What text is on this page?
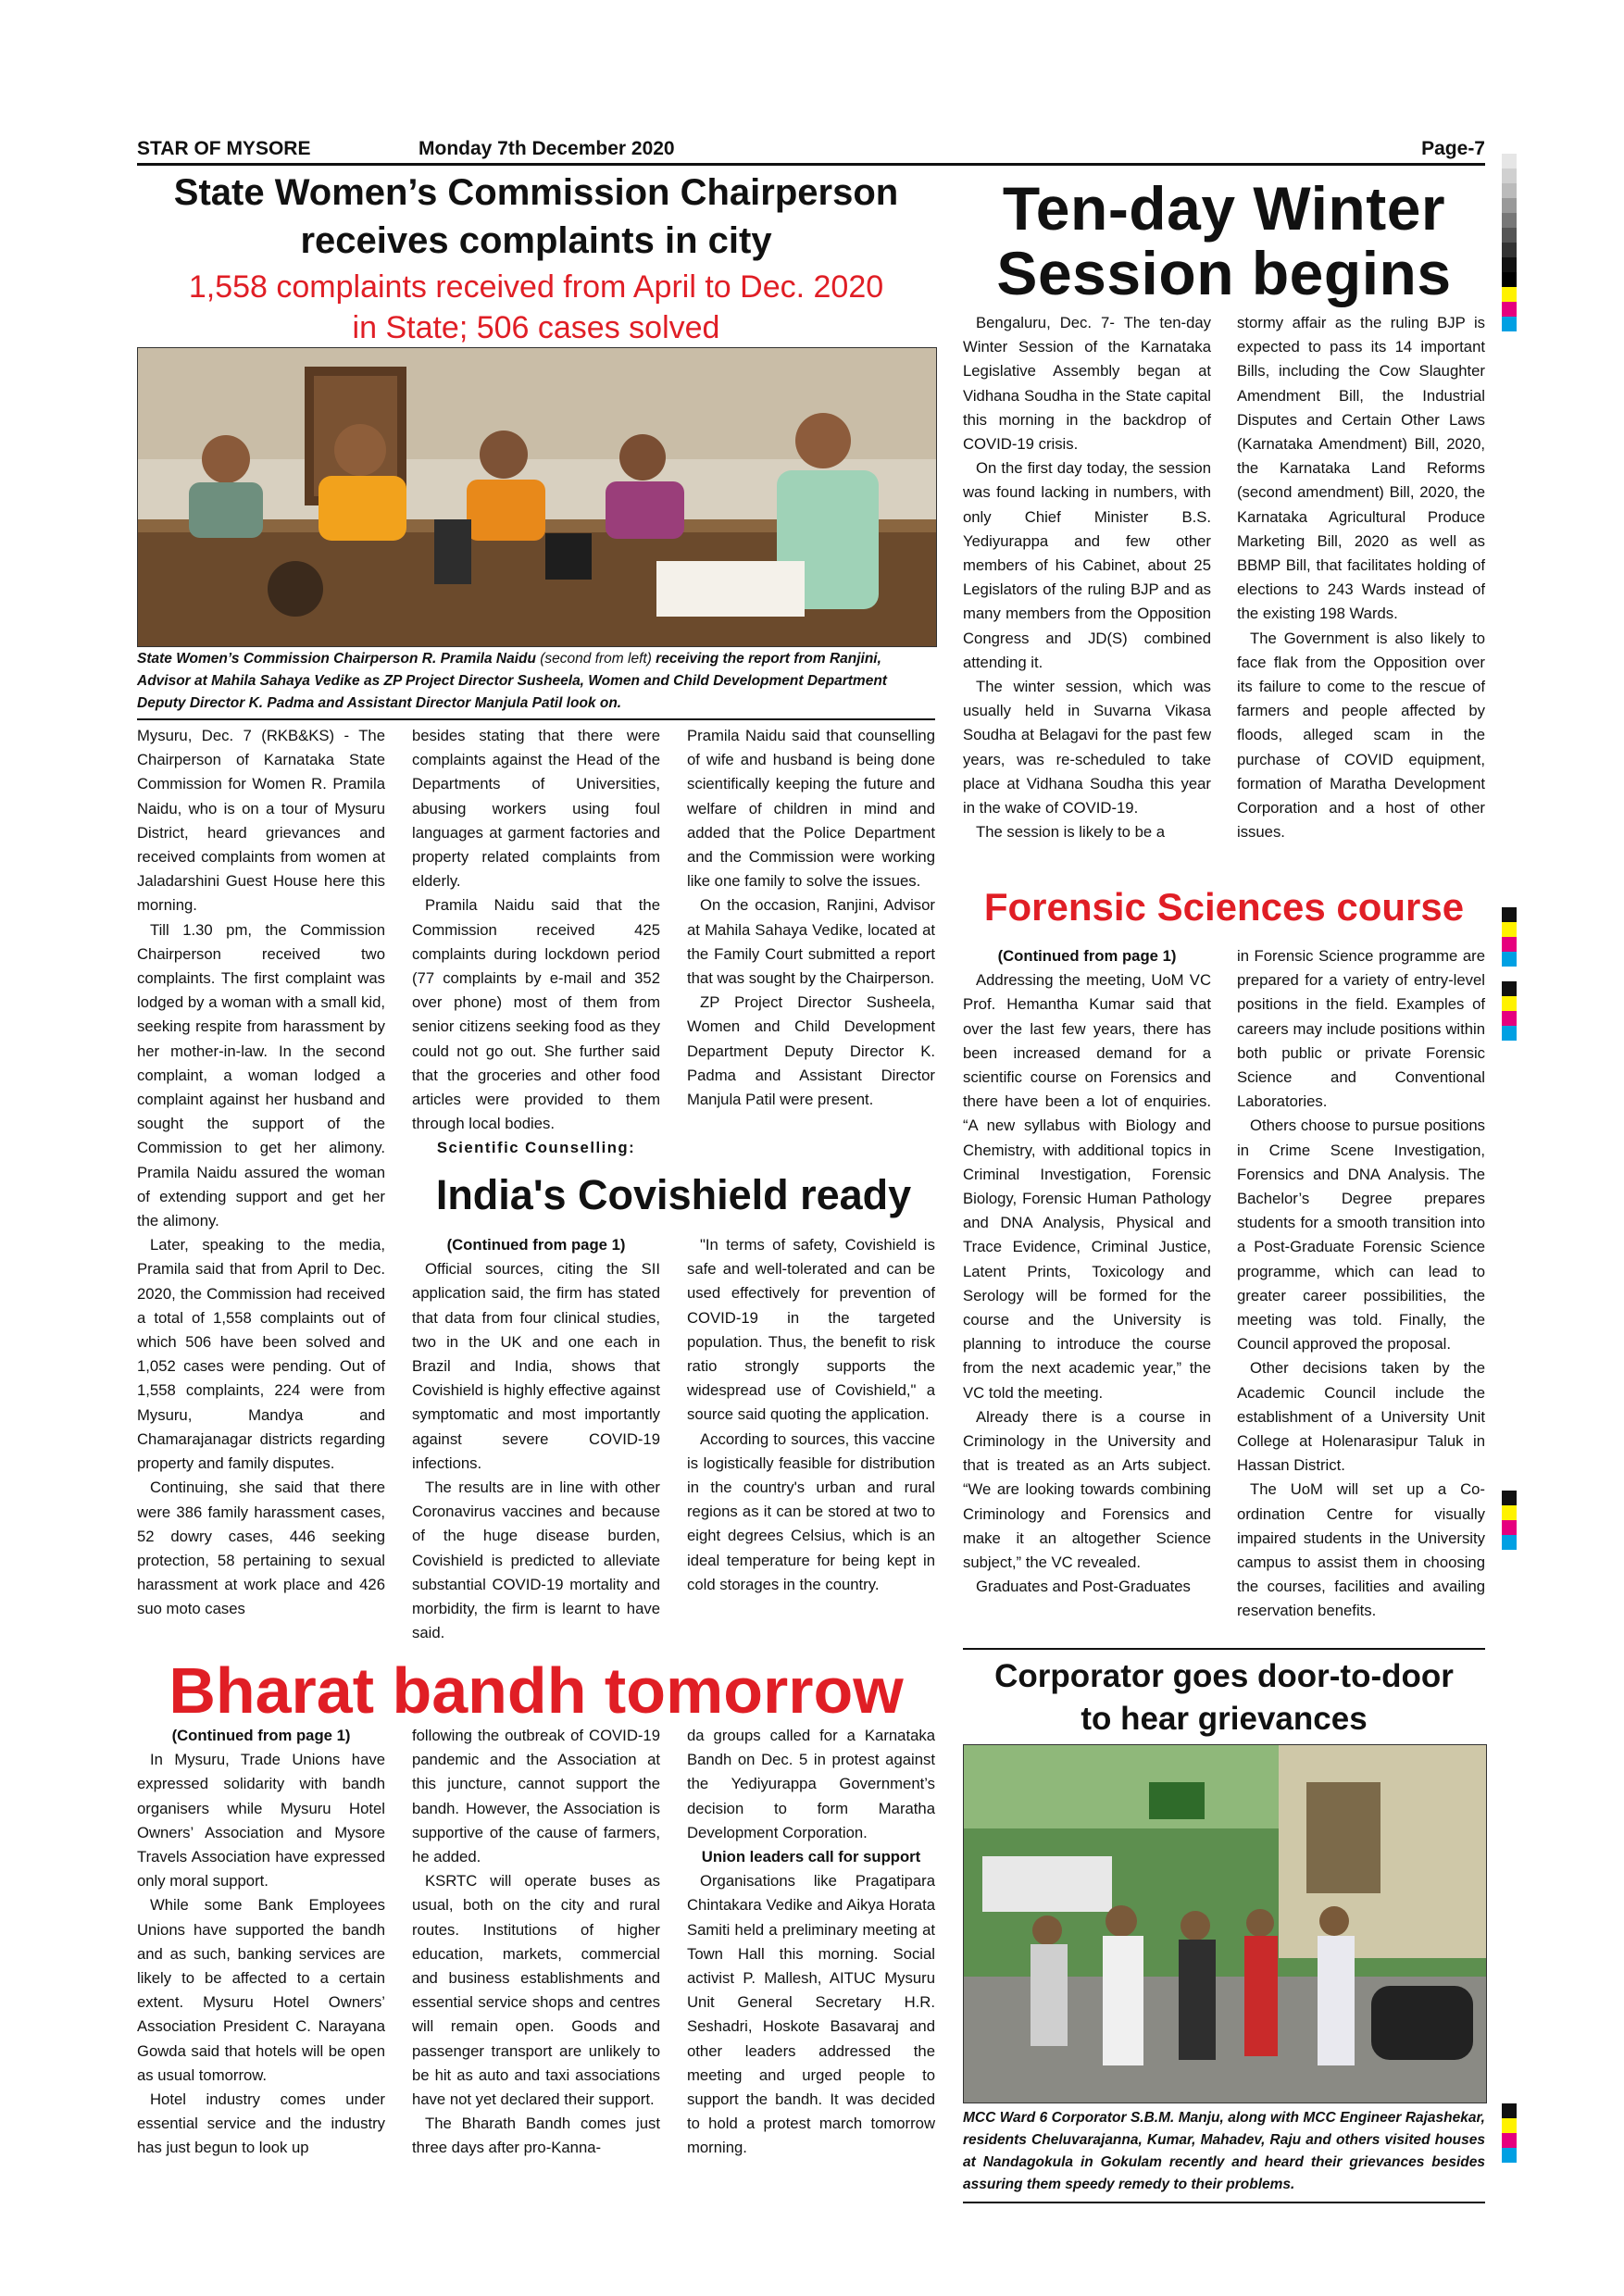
STAR OF MYSORE	Monday 7th December 2020	Page-7
State Women’s Commission Chairperson
receives complaints in city
1,558 complaints received from April to Dec. 2020
in State; 506 cases solved
State Women’s Commission Chairperson R. Pramila Naidu (second from left) receiving the report from Ranjini, Advisor at Mahila Sahaya Vedike as ZP Project Director Susheela, Women and Child Development Department Deputy Director K. Padma and Assistant Director Manjula Patil look on.

Mysuru, Dec. 7 (RKB&KS) - The Chairperson of Karnataka State Commission for Women R. Pramila Naidu, who is on a tour of Mysuru District, heard grievances and received complaints from women at Jaladarshini Guest House here this morning.

Till 1.30 pm, the Commission Chairperson received two complaints. The first complaint was lodged by a woman with a small kid, seeking respite from harassment by her mother-in-law. In the second complaint, a woman lodged a complaint against her husband and sought the support of the Commission to get her alimony. Pramila Naidu assured the woman of extending support and get her the alimony.

Later, speaking to the media, Pramila said that from April to Dec. 2020, the Commission had received a total of 1,558 complaints out of which 506 have been solved and 1,052 cases were pending. Out of 1,558 complaints, 224 were from Mysuru, Mandya and Chamarajanagar districts regarding property and family disputes.

Continuing, she said that there were 386 family harassment cases, 52 dowry cases, 446 seeking protection, 58 pertaining to sexual harassment at work place and 426 suo moto cases

besides stating that there were complaints against the Head of the Departments of Universities, abusing workers using foul languages at garment factories and property related complaints from elderly.

Pramila Naidu said that the Commission received 425 complaints during lockdown period (77 complaints by e-mail and 352 over phone) most of them from senior citizens seeking food as they could not go out. She further said that the groceries and other food articles were provided to them through local bodies.

Scientific Counselling:

Pramila Naidu said that counselling of wife and husband is being done scientifically keeping the future and welfare of children in mind and added that the Police Department and the Commission were working like one family to solve the issues.

On the occasion, Ranjini, Advisor at Mahila Sahaya Vedike, located at the Family Court submitted a report that was sought by the Chairperson.

ZP Project Director Susheela, Women and Child Development Department Deputy Director K. Padma and Assistant Director Manjula Patil were present.

India's Covishield ready

(Continued from page 1)

Official sources, citing the SII application said, the firm has stated that data from four clinical studies, two in the UK and one each in Brazil and India, shows that Covishield is highly effective against symptomatic and most importantly against severe COVID-19 infections.

The results are in line with other Coronavirus vaccines and because of the huge disease burden, Covishield is predicted to alleviate substantial COVID-19 mortality and morbidity, the firm is learnt to have said.

"In terms of safety, Covishield is safe and well-tolerated and can be used effectively for prevention of COVID-19 in the targeted population. Thus, the benefit to risk ratio strongly supports the widespread use of Covishield," a source said quoting the application.

According to sources, this vaccine is logistically feasible for distribution in the country's urban and rural regions as it can be stored at two to eight degrees Celsius, which is an ideal temperature for being kept in cold storages in the country.

Ten-day Winter
Session begins

Bengaluru, Dec. 7- The ten-day Winter Session of the Karnataka Legislative Assembly began at Vidhana Soudha in the State capital this morning in the backdrop of COVID-19 crisis.

On the first day today, the session was found lacking in numbers, with only Chief Minister B.S. Yediyurappa and few other members of his Cabinet, about 25 Legislators of the ruling BJP and as many members from the Opposition Congress and JD(S) combined attending it.

The winter session, which was usually held in Suvarna Vikasa Soudha at Belagavi for the past few years, was re-scheduled to take place at Vidhana Soudha this year in the wake of COVID-19.

The session is likely to be a

stormy affair as the ruling BJP is expected to pass its 14 important Bills, including the Cow Slaughter Amendment Bill, the Industrial Disputes and Certain Other Laws (Karnataka Amendment) Bill, 2020, the Karnataka Land Reforms (second amendment) Bill, 2020, the Karnataka Agricultural Produce Marketing Bill, 2020 as well as BBMP Bill, that facilitates holding of elections to 243 Wards instead of the existing 198 Wards.

The Government is also likely to face flak from the Opposition over its failure to come to the rescue of farmers and people affected by floods, alleged scam in the purchase of COVID equipment, formation of Maratha Development Corporation and a host of other issues.

Forensic Sciences course

(Continued from page 1)

Addressing the meeting, UoM VC Prof. Hemantha Kumar said that over the last few years, there has been increased demand for a scientific course on Forensics and there have been a lot of enquiries. “A new syllabus with Biology and Chemistry, with additional topics in Criminal Investigation, Forensic Biology, Forensic Human Pathology and DNA Analysis, Physical and Trace Evidence, Criminal Justice, Latent Prints, Toxicology and Serology will be formed for the course and the University is planning to introduce the course from the next academic year,” the VC told the meeting.

Already there is a course in Criminology in the University and that is treated as an Arts subject. “We are looking towards combining Criminology and Forensics and make it an altogether Science subject,” the VC revealed.

Graduates and Post-Graduates

in Forensic Science programme are prepared for a variety of entry-level positions in the field. Examples of careers may include positions within both public or private Forensic Science and Conventional Laboratories.

Others choose to pursue positions in Crime Scene Investigation, Forensics and DNA Analysis. The Bachelor’s Degree prepares students for a smooth transition into a Post-Graduate Forensic Science programme, which can lead to greater career possibilities, the meeting was told. Finally, the Council approved the proposal.

Other decisions taken by the Academic Council include the establishment of a University Unit College at Holenarasipur Taluk in Hassan District.

The UoM will set up a Co-ordination Centre for visually impaired students in the University campus to assist them in choosing the courses, facilities and availing reservation benefits.

Bharat bandh tomorrow

(Continued from page 1)

In Mysuru, Trade Unions have expressed solidarity with bandh organisers while Mysuru Hotel Owners’ Association and Mysore Travels Association have expressed only moral support.

While some Bank Employees Unions have supported the bandh and as such, banking services are likely to be affected to a certain extent. Mysuru Hotel Owners’ Association President C. Narayana Gowda said that hotels will be open as usual tomorrow.

Hotel industry comes under essential service and the industry has just begun to look up

following the outbreak of COVID-19 pandemic and the Association at this juncture, cannot support the bandh. However, the Association is supportive of the cause of farmers, he added.

KSRTC will operate buses as usual, both on the city and rural routes. Institutions of higher education, markets, commercial and business establishments and essential service shops and centres will remain open. Goods and passenger transport are unlikely to be hit as auto and taxi associations have not yet declared their support.

The Bharath Bandh comes just three days after pro-Kanna-

da groups called for a Karnataka Bandh on Dec. 5 in protest against the Yediyurappa Government’s decision to form Maratha Development Corporation.

Union leaders call for support

Organisations like Pragatipara Chintakara Vedike and Aikya Horata Samiti held a preliminary meeting at Town Hall this morning. Social activist P. Mallesh, AITUC Mysuru Unit General Secretary H.R. Seshadri, Hoskote Basavaraj and other leaders addressed the meeting and urged people to support the bandh. It was decided to hold a protest march tomorrow morning.

Corporator goes door-to-door
to hear grievances
MCC Ward 6 Corporator S.B.M. Manju, along with MCC Engineer Rajashekar, residents Cheluvarajanna, Kumar, Mahadev, Raju and others visited houses at Nandagokula in Gokulam recently and heard their grievances besides assuring them speedy remedy to their problems.
